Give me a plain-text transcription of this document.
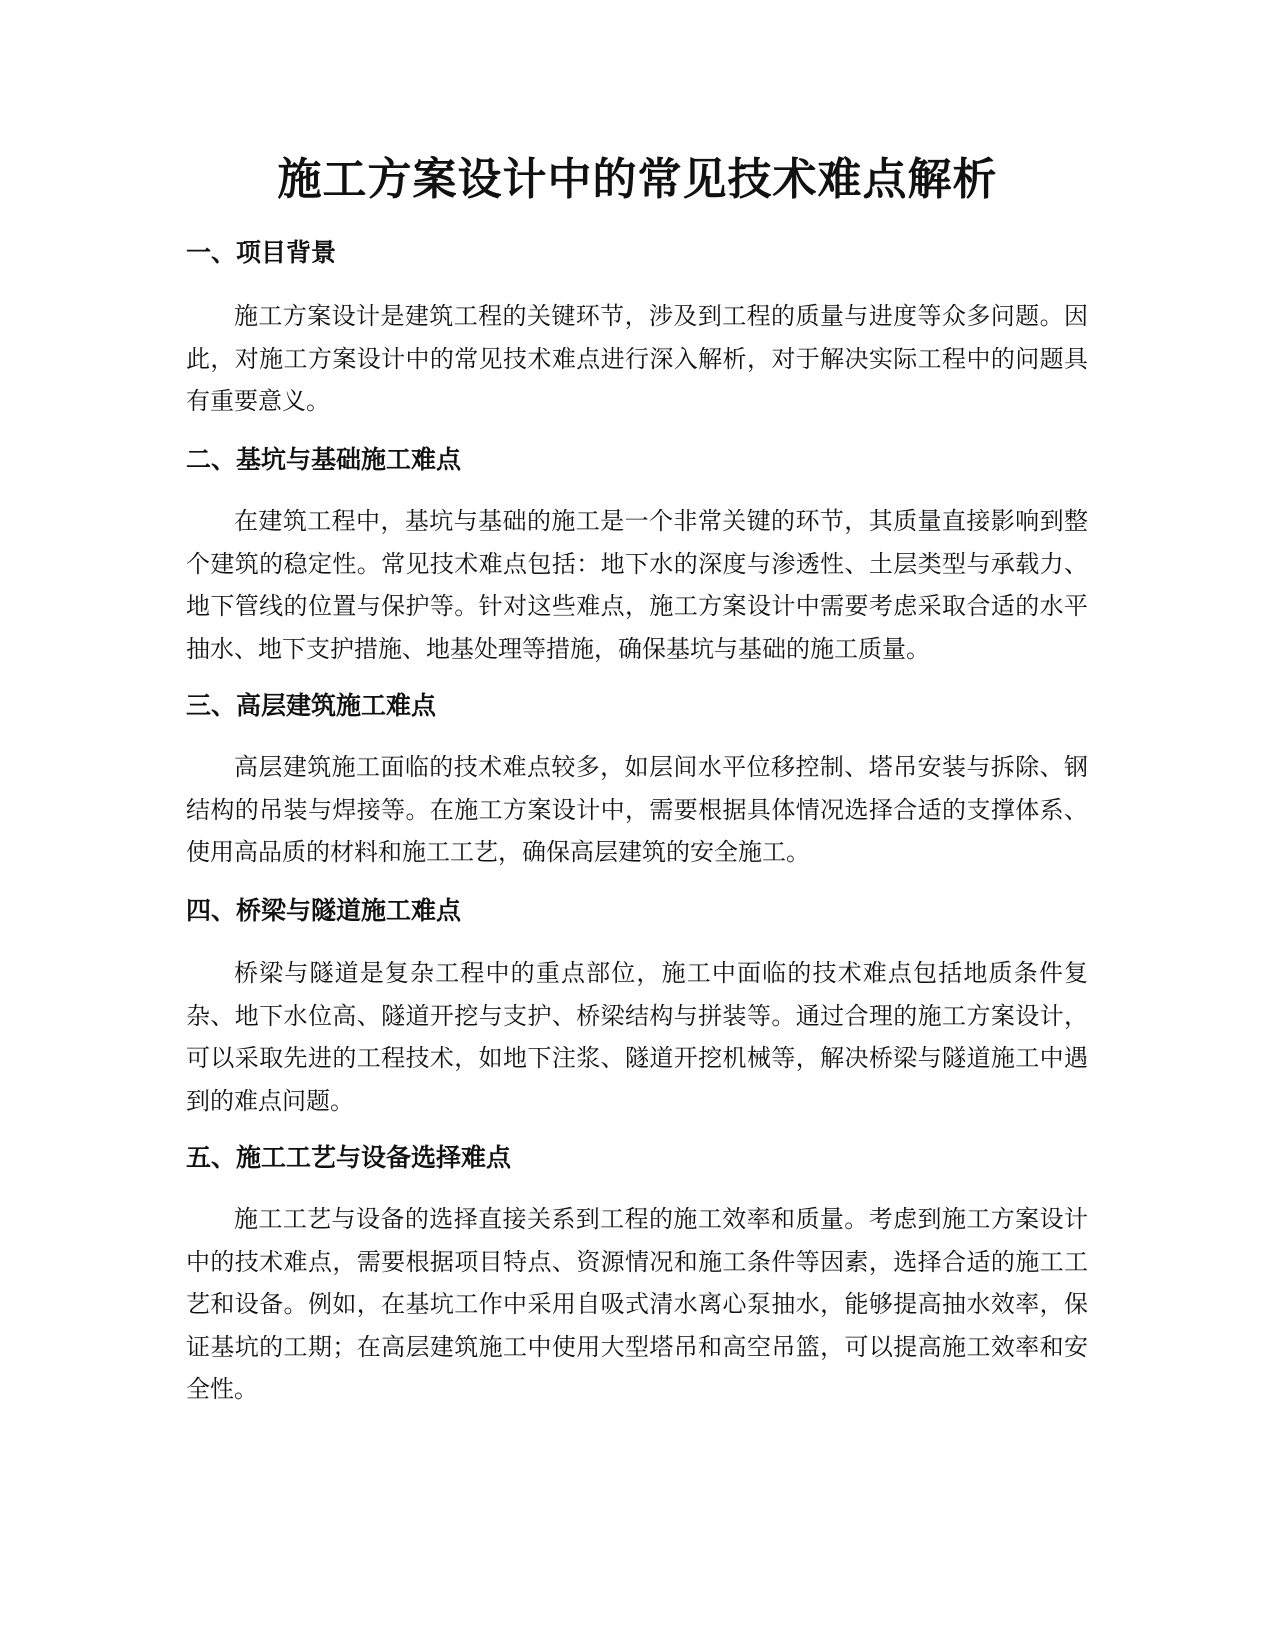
施工方案设计中的常见技术难点解析
一、项目背景

施工方案设计是建筑工程的关键环节，涉及到工程的质量与进度等众多问题。因此，对施工方案设计中的常见技术难点进行深入解析，对于解决实际工程中的问题具有重要意义。

二、基坑与基础施工难点

在建筑工程中，基坑与基础的施工是一个非常关键的环节，其质量直接影响到整个建筑的稳定性。常见技术难点包括：地下水的深度与渗透性、土层类型与承载力、地下管线的位置与保护等。针对这些难点，施工方案设计中需要考虑采取合适的水平抽水、地下支护措施、地基处理等措施，确保基坑与基础的施工质量。

三、高层建筑施工难点

高层建筑施工面临的技术难点较多，如层间水平位移控制、塔吊安装与拆除、钢结构的吊装与焊接等。在施工方案设计中，需要根据具体情况选择合适的支撑体系、使用高品质的材料和施工工艺，确保高层建筑的安全施工。

四、桥梁与隧道施工难点

桥梁与隧道是复杂工程中的重点部位，施工中面临的技术难点包括地质条件复杂、地下水位高、隧道开挖与支护、桥梁结构与拼装等。通过合理的施工方案设计，可以采取先进的工程技术，如地下注浆、隧道开挖机械等，解决桥梁与隧道施工中遇到的难点问题。

五、施工工艺与设备选择难点

施工工艺与设备的选择直接关系到工程的施工效率和质量。考虑到施工方案设计中的技术难点，需要根据项目特点、资源情况和施工条件等因素，选择合适的施工工艺和设备。例如，在基坑工作中采用自吸式清水离心泵抽水，能够提高抽水效率，保证基坑的工期；在高层建筑施工中使用大型塔吊和高空吊篮，可以提高施工效率和安全性。
